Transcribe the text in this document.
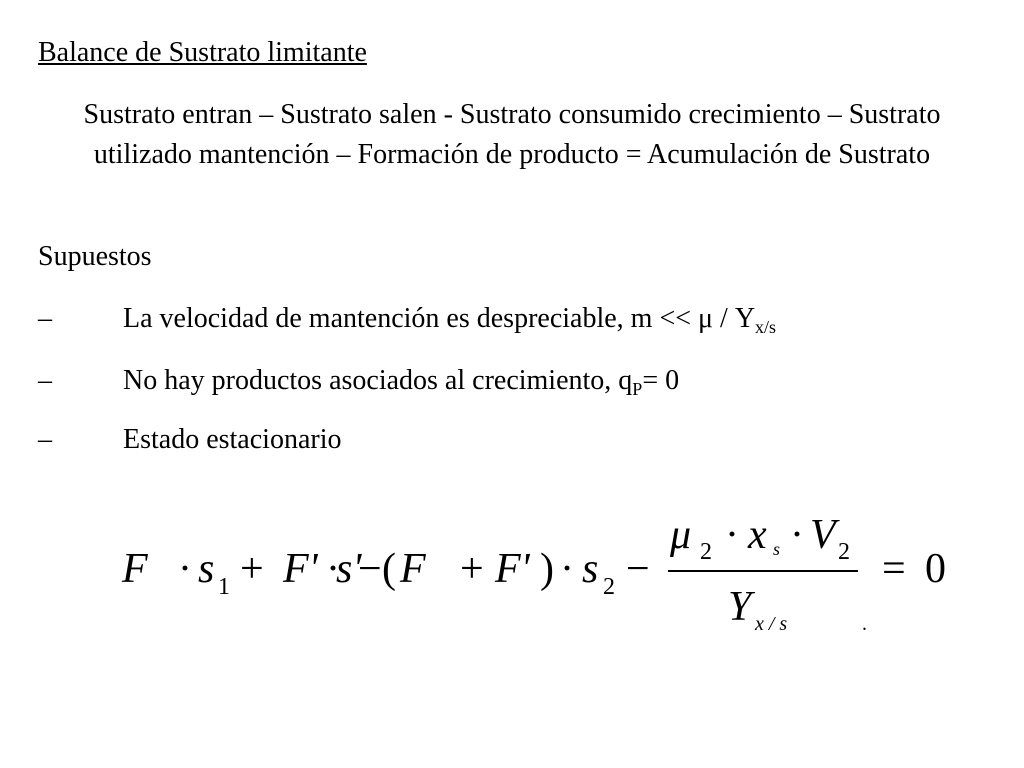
Balance de Sustrato limitante
Sustrato entran – Sustrato salen - Sustrato consumido crecimiento – Sustrato utilizado mantención – Formación de producto = Acumulación de Sustrato
Supuestos
–	La velocidad de mantención es despreciable, $m << \mu / Y_{x/s}$
–	No hay productos asociados al crecimiento, $q_P= 0$
–	Estado estacionario
F · s 1 + F' ·
s'
− ( F + F' ) · s 2 −
μ 2 · x s · V 2
Y x / s	.
= 0
